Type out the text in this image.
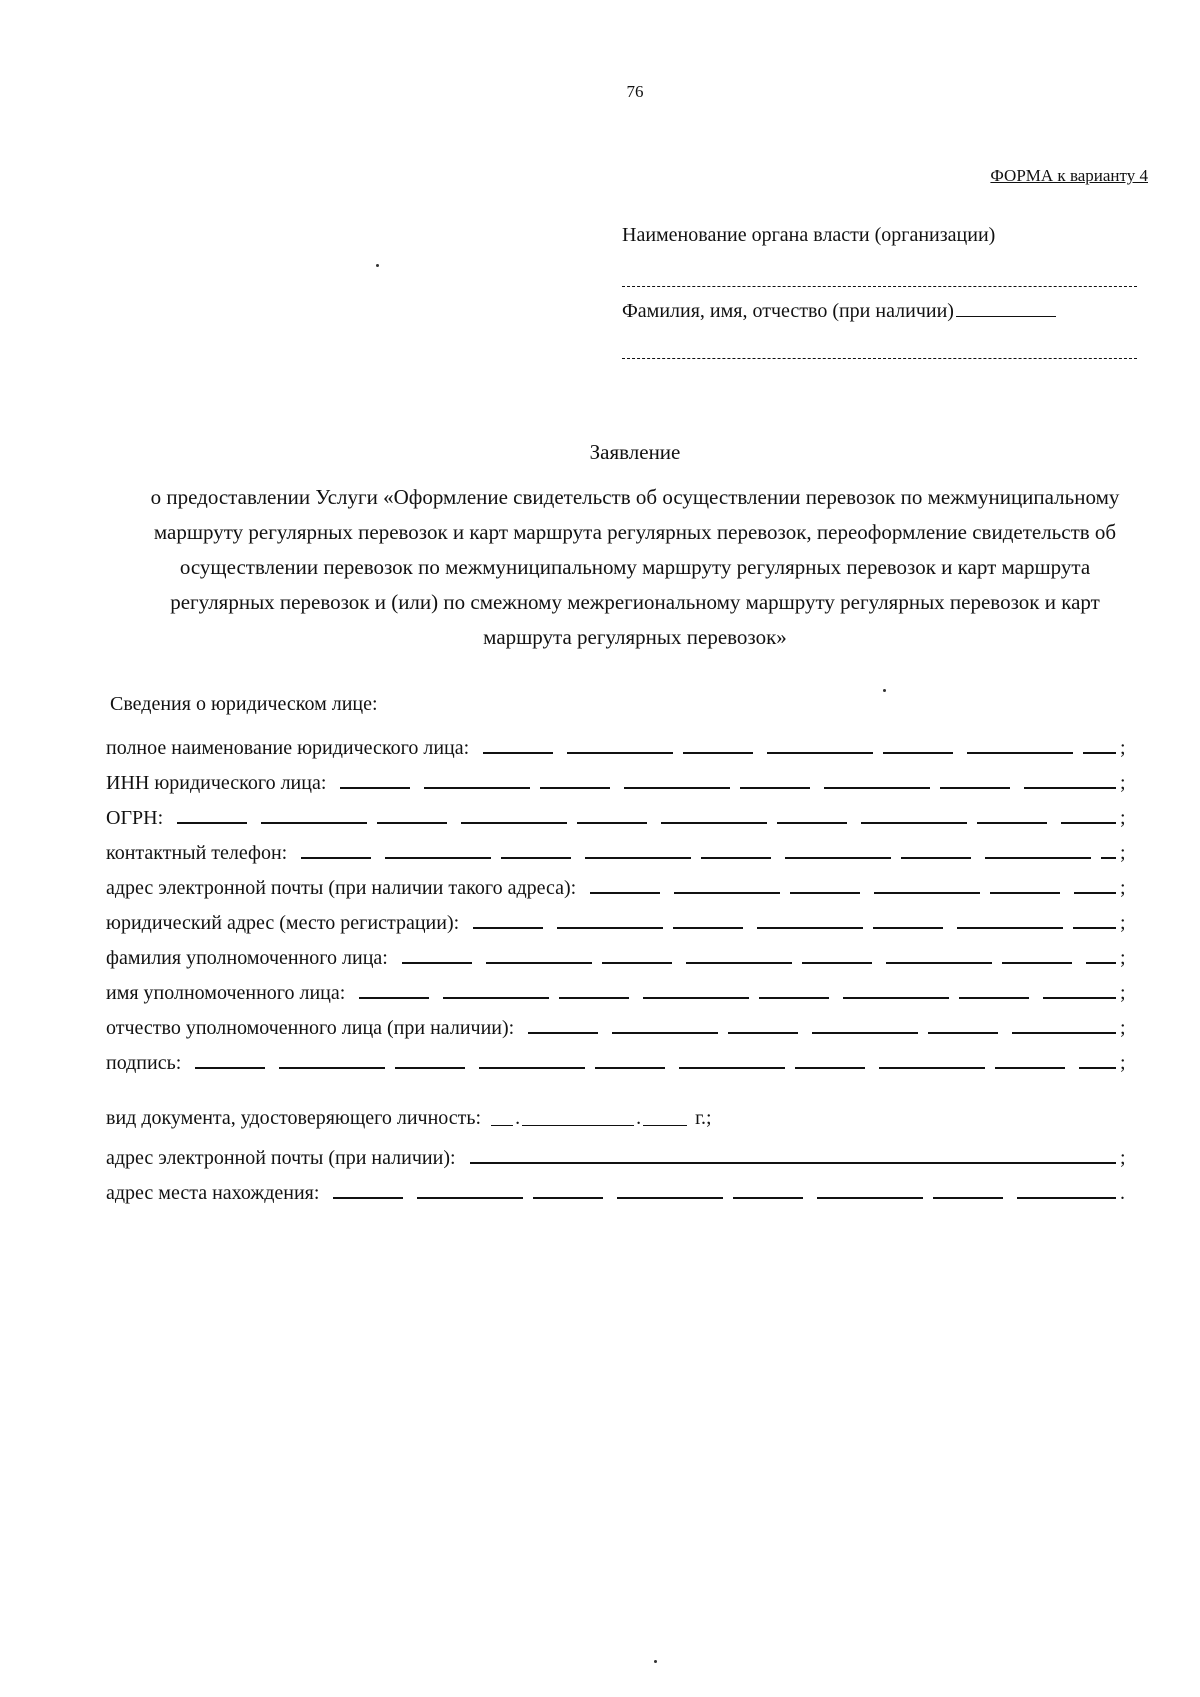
76
ФОРМА к варианту 4
Наименование органа власти (организации)
Фамилия, имя, отчество (при наличии)
Заявление
о предоставлении Услуги «Оформление свидетельств об осуществлении перевозок по межмуниципальному маршруту регулярных перевозок и карт маршрута регулярных перевозок, переоформление свидетельств об осуществлении перевозок по межмуниципальному маршруту регулярных перевозок и карт маршрута регулярных перевозок и (или) по смежному межрегиональному маршруту регулярных перевозок и карт маршрута регулярных перевозок»
Сведения о юридическом лице:
полное наименование юридического лица:	;
ИНН юридического лица:	;
ОГРН:	;
контактный телефон:	;
адрес электронной почты (при наличии такого адреса):	;
юридический адрес (место регистрации):	;
фамилия уполномоченного лица:	;
имя уполномоченного лица:	;
отчество уполномоченного лица (при наличии):	;
подпись:	;
вид документа, удостоверяющего личность: .	.	г.;
адрес электронной почты (при наличии):	;
адрес места нахождения:	.
